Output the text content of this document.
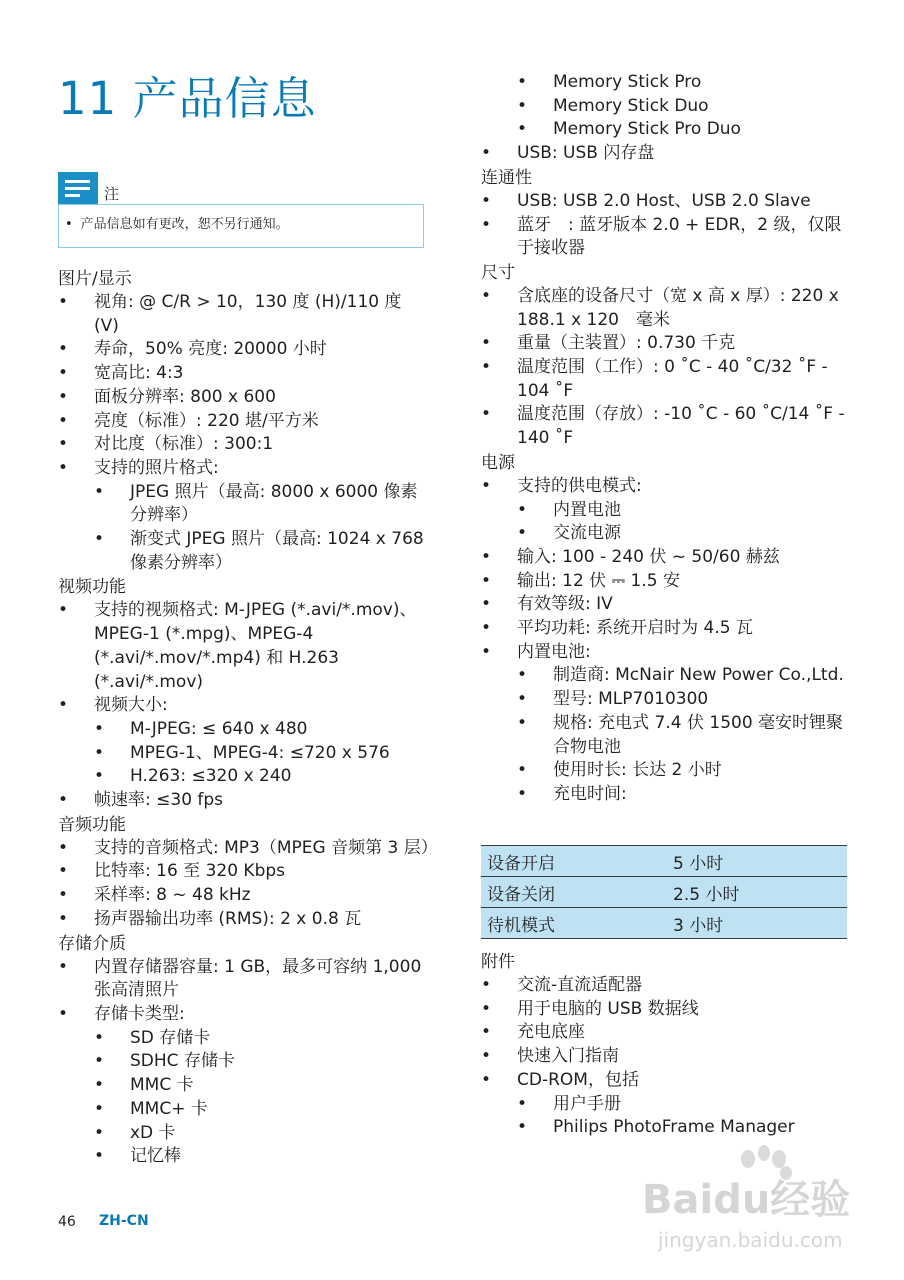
11 产品信息
注
• 产品信息如有更改，恕不另行通知。
图片/显示
• 视角: @ C/R > 10，130 度 (H)/110 度 (V)
• 寿命，50% 亮度: 20000 小时
• 宽高比: 4:3
• 面板分辨率: 800 x 600
• 亮度（标准）: 220 堪/平方米
• 对比度（标准）: 300:1
• 支持的照片格式:
• JPEG 照片（最高: 8000 x 6000 像素分辨率）
• 渐变式 JPEG 照片（最高: 1024 x 768 像素分辨率）
视频功能
• 支持的视频格式: M-JPEG (*.avi/*.mov)、MPEG-1 (*.mpg)、MPEG-4 (*.avi/*.mov/*.mp4) 和 H.263 (*.avi/*.mov)
• 视频大小:
• M-JPEG: ≤ 640 x 480
• MPEG-1、MPEG-4: ≤720 x 576
• H.263: ≤320 x 240
• 帧速率: ≤30 fps
音频功能
• 支持的音频格式: MP3（MPEG 音频第 3 层）
• 比特率: 16 至 320 Kbps
• 采样率: 8 ~ 48 kHz
• 扬声器输出功率 (RMS): 2 x 0.8 瓦
存储介质
• 内置存储器容量: 1 GB，最多可容纳 1,000 张高清照片
• 存储卡类型:
• SD 存储卡
• SDHC 存储卡
• MMC 卡
• MMC+ 卡
• xD 卡
• 记忆棒
• Memory Stick Pro
• Memory Stick Duo
• Memory Stick Pro Duo
• USB: USB 闪存盘
连通性
• USB: USB 2.0 Host、USB 2.0 Slave
• 蓝牙　: 蓝牙版本 2.0 + EDR，2 级，仅限于接收器
尺寸
• 含底座的设备尺寸（宽 x 高 x 厚）: 220 x 188.1 x 120　毫米
• 重量（主装置）: 0.730 千克
• 温度范围（工作）: 0 ˚C - 40 ˚C/32 ˚F - 104 ˚F
• 温度范围（存放）: -10 ˚C - 60 ˚C/14 ˚F - 140 ˚F
电源
• 支持的供电模式:
• 内置电池
• 交流电源
• 输入: 100 - 240 伏 ~ 50/60 赫兹
• 输出: 12 伏 ⎓ 1.5 安
• 有效等级: IV
• 平均功耗: 系统开启时为 4.5 瓦
• 内置电池:
• 制造商: McNair New Power Co.,Ltd.
• 型号: MLP7010300
• 规格: 充电式 7.4 伏 1500 毫安时锂聚合物电池
• 使用时长: 长达 2 小时
• 充电时间:
设备开启	5 小时
设备关闭	2.5 小时
待机模式	3 小时
附件
• 交流-直流适配器
• 用于电脑的 USB 数据线
• 充电底座
• 快速入门指南
• CD-ROM，包括
• 用户手册
• Philips PhotoFrame Manager
46 ZH-CN	Baidu经验
jingyan.baidu.com
